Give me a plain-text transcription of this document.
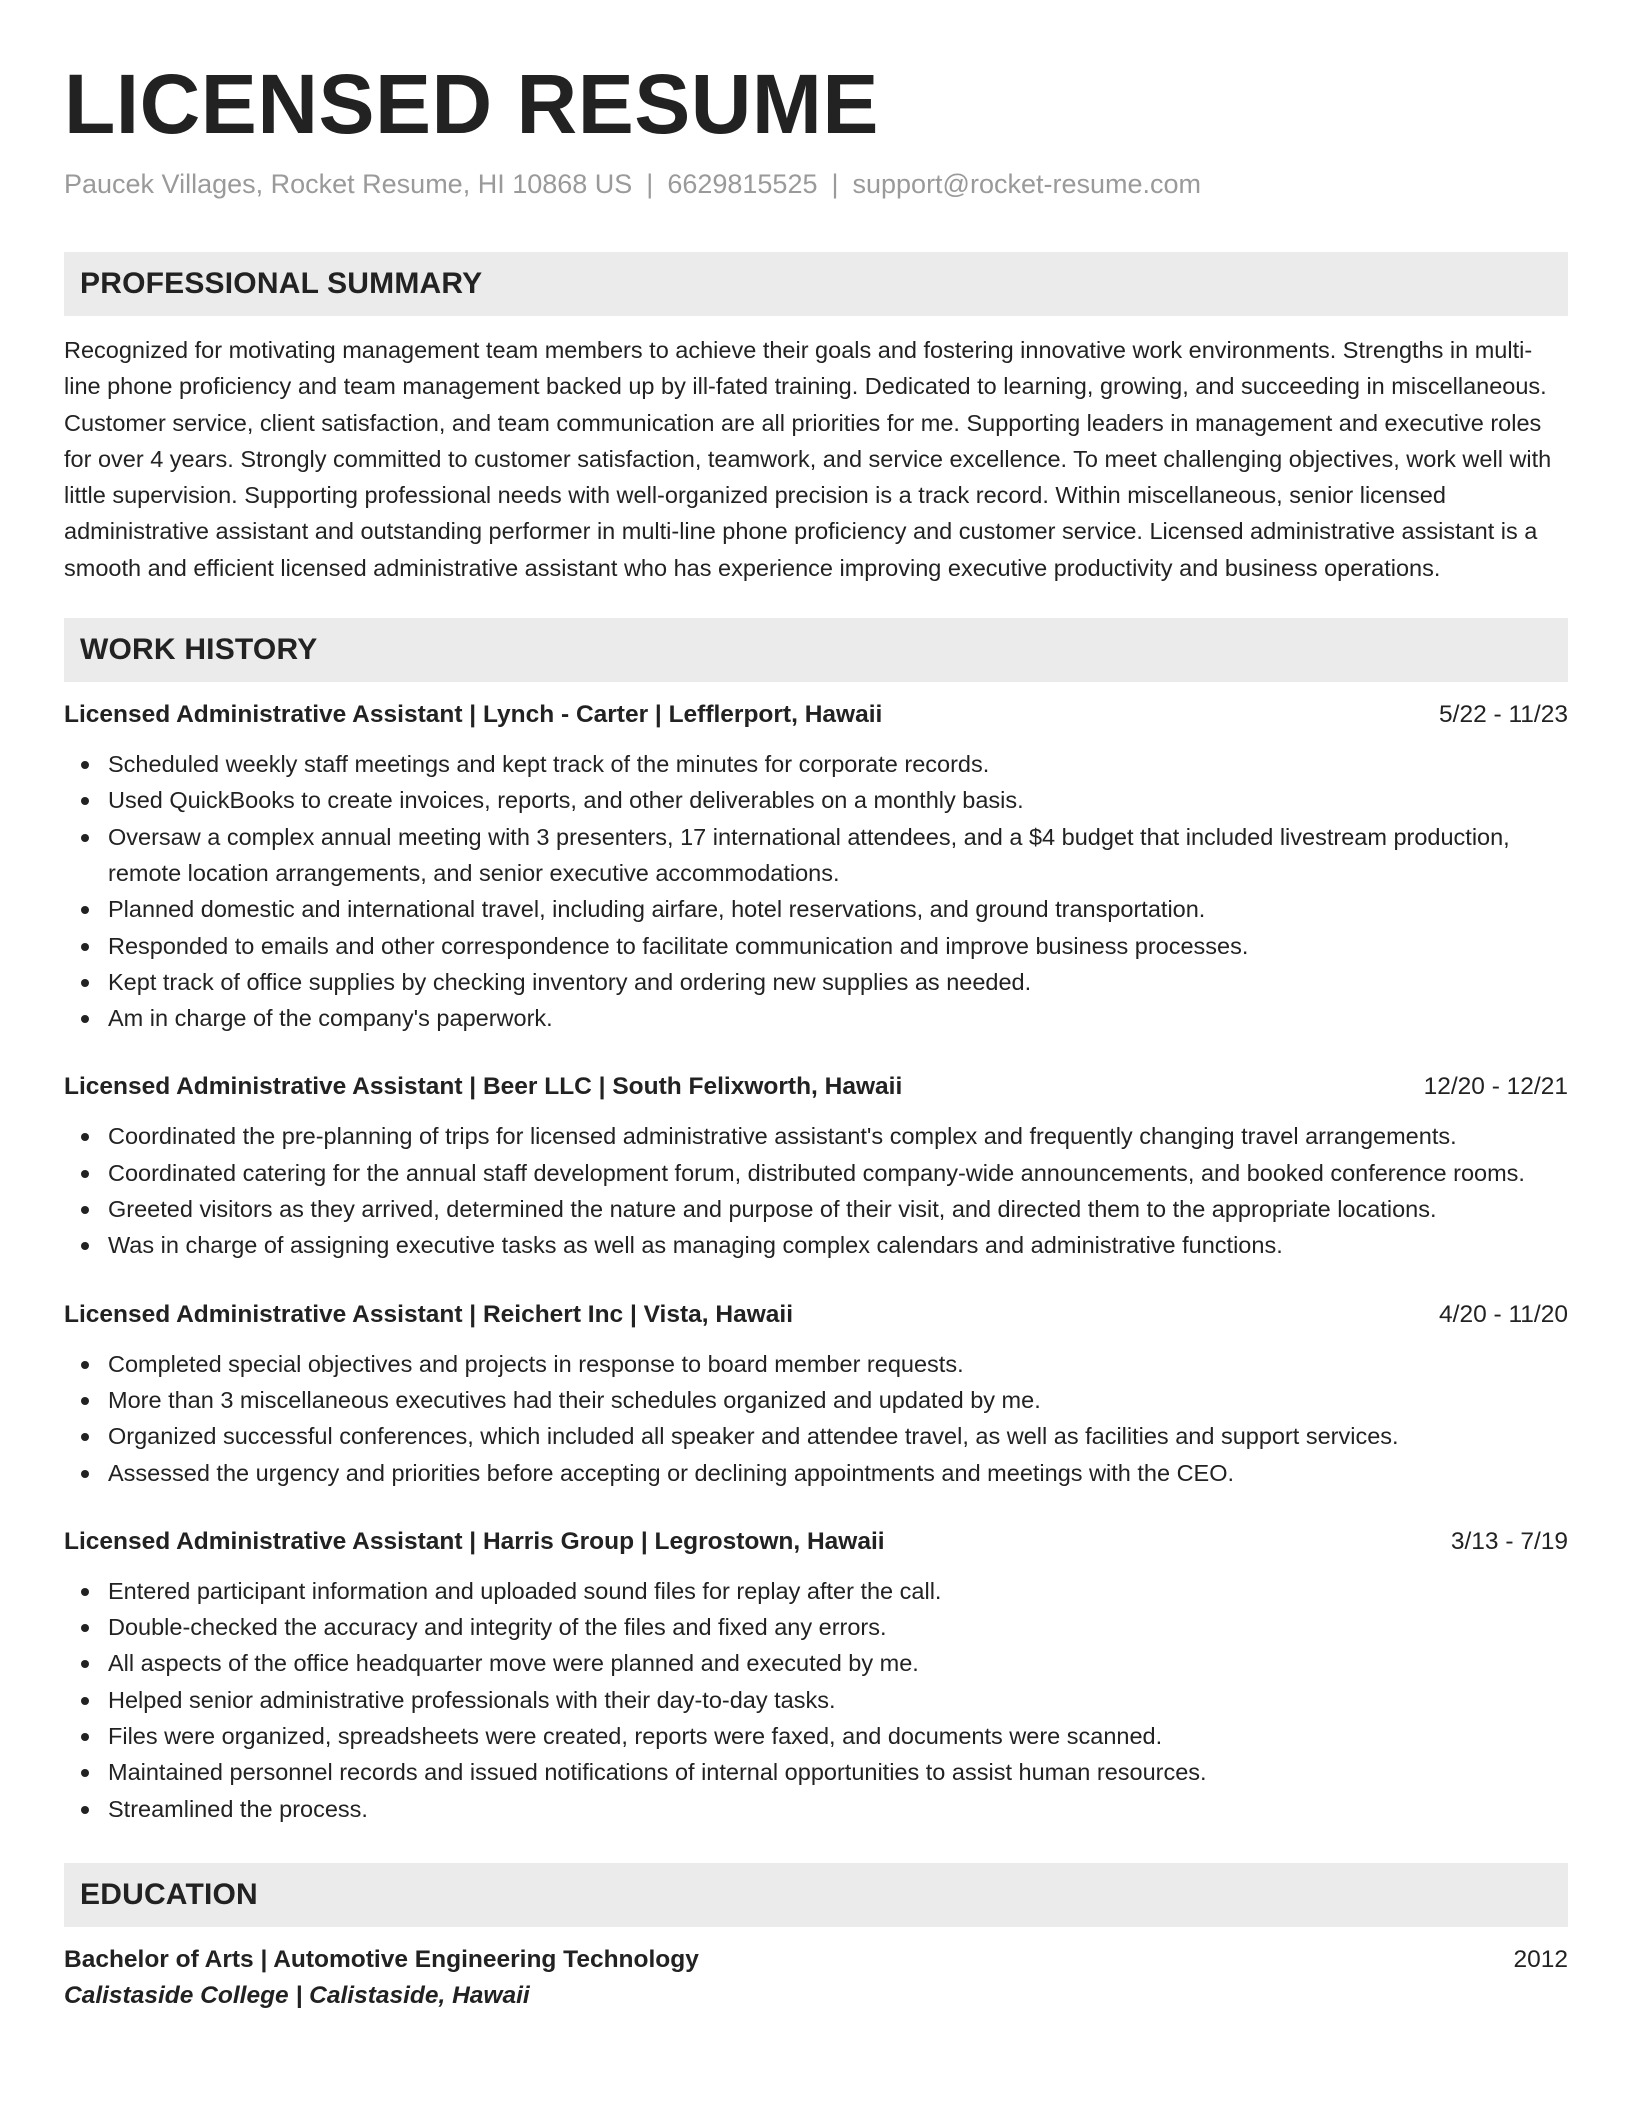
LICENSED RESUME
Paucek Villages, Rocket Resume, HI 10868 US | 6629815525 | support@rocket-resume.com
PROFESSIONAL SUMMARY

Recognized for motivating management team members to achieve their goals and fostering innovative work environments. Strengths in multi-line phone proficiency and team management backed up by ill-fated training. Dedicated to learning, growing, and succeeding in miscellaneous. Customer service, client satisfaction, and team communication are all priorities for me. Supporting leaders in management and executive roles for over 4 years. Strongly committed to customer satisfaction, teamwork, and service excellence. To meet challenging objectives, work well with little supervision. Supporting professional needs with well-organized precision is a track record. Within miscellaneous, senior licensed administrative assistant and outstanding performer in multi-line phone proficiency and customer service. Licensed administrative assistant is a smooth and efficient licensed administrative assistant who has experience improving executive productivity and business operations.

WORK HISTORY
Licensed Administrative Assistant | Lynch - Carter | Lefflerport, Hawaii	5/22 - 11/23
Scheduled weekly staff meetings and kept track of the minutes for corporate records.
Used QuickBooks to create invoices, reports, and other deliverables on a monthly basis.
Oversaw a complex annual meeting with 3 presenters, 17 international attendees, and a $4 budget that included livestream production, remote location arrangements, and senior executive accommodations.
Planned domestic and international travel, including airfare, hotel reservations, and ground transportation.
Responded to emails and other correspondence to facilitate communication and improve business processes.
Kept track of office supplies by checking inventory and ordering new supplies as needed.
Am in charge of the company's paperwork.
Licensed Administrative Assistant | Beer LLC | South Felixworth, Hawaii	12/20 - 12/21
Coordinated the pre-planning of trips for licensed administrative assistant's complex and frequently changing travel arrangements.
Coordinated catering for the annual staff development forum, distributed company-wide announcements, and booked conference rooms.
Greeted visitors as they arrived, determined the nature and purpose of their visit, and directed them to the appropriate locations.
Was in charge of assigning executive tasks as well as managing complex calendars and administrative functions.
Licensed Administrative Assistant | Reichert Inc | Vista, Hawaii	4/20 - 11/20
Completed special objectives and projects in response to board member requests.
More than 3 miscellaneous executives had their schedules organized and updated by me.
Organized successful conferences, which included all speaker and attendee travel, as well as facilities and support services.
Assessed the urgency and priorities before accepting or declining appointments and meetings with the CEO.
Licensed Administrative Assistant | Harris Group | Legrostown, Hawaii	3/13 - 7/19
Entered participant information and uploaded sound files for replay after the call.
Double-checked the accuracy and integrity of the files and fixed any errors.
All aspects of the office headquarter move were planned and executed by me.
Helped senior administrative professionals with their day-to-day tasks.
Files were organized, spreadsheets were created, reports were faxed, and documents were scanned.
Maintained personnel records and issued notifications of internal opportunities to assist human resources.
Streamlined the process.
EDUCATION
Bachelor of Arts | Automotive Engineering Technology	2012
Calistaside College | Calistaside, Hawaii
